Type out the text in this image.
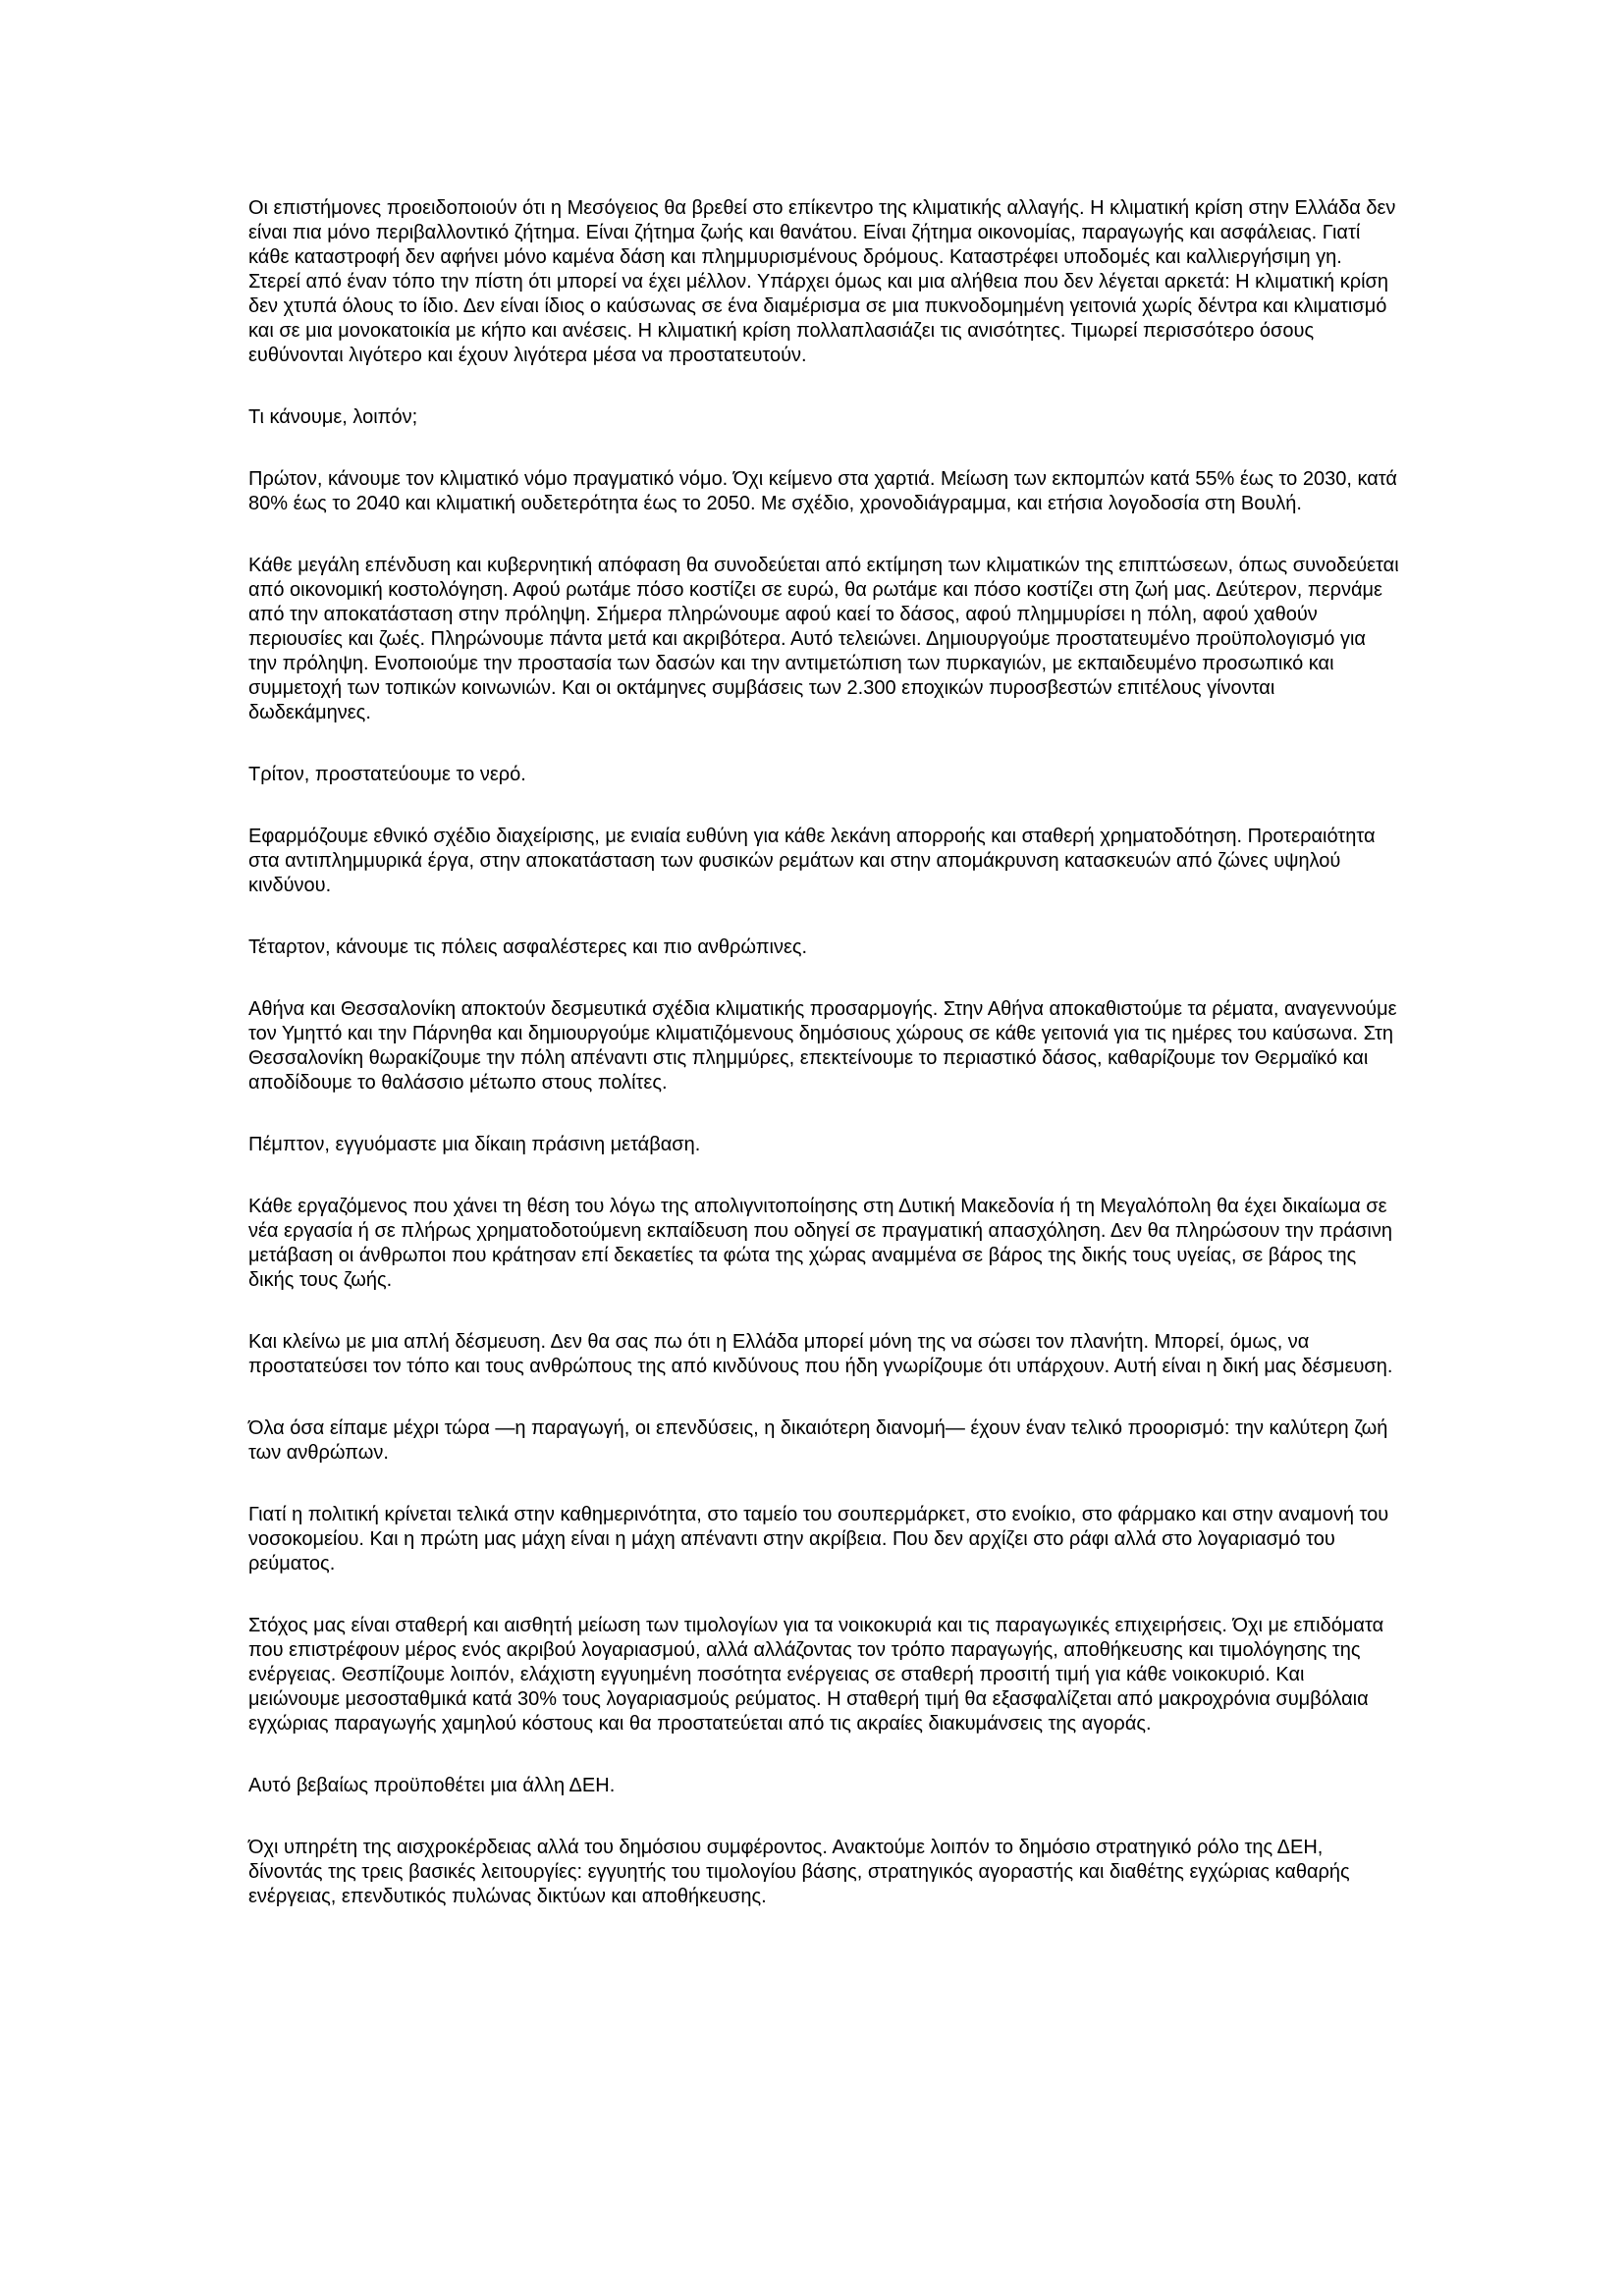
Οι επιστήμονες προειδοποιούν ότι η Μεσόγειος θα βρεθεί στο επίκεντρο της κλιματικής αλλαγής. Η κλιματική κρίση στην Ελλάδα δεν είναι πια μόνο περιβαλλοντικό ζήτημα. Είναι ζήτημα ζωής και θανάτου. Είναι ζήτημα οικονομίας, παραγωγής και ασφάλειας. Γιατί κάθε καταστροφή δεν αφήνει μόνο καμένα δάση και πλημμυρισμένους δρόμους. Καταστρέφει υποδομές και καλλιεργήσιμη γη. Στερεί από έναν τόπο την πίστη ότι μπορεί να έχει μέλλον. Υπάρχει όμως και μια αλήθεια που δεν λέγεται αρκετά: Η κλιματική κρίση δεν χτυπά όλους το ίδιο. Δεν είναι ίδιος ο καύσωνας σε ένα διαμέρισμα σε μια πυκνοδομημένη γειτονιά χωρίς δέντρα και κλιματισμό και σε μια μονοκατοικία με κήπο και ανέσεις. Η κλιματική κρίση πολλαπλασιάζει τις ανισότητες. Τιμωρεί περισσότερο όσους ευθύνονται λιγότερο και έχουν λιγότερα μέσα να προστατευτούν.

Τι κάνουμε, λοιπόν;

Πρώτον, κάνουμε τον κλιματικό νόμο πραγματικό νόμο. Όχι κείμενο στα χαρτιά. Μείωση των εκπομπών κατά 55% έως το 2030, κατά 80% έως το 2040 και κλιματική ουδετερότητα έως το 2050. Με σχέδιο, χρονοδιάγραμμα, και ετήσια λογοδοσία στη Βουλή.

Κάθε μεγάλη επένδυση και κυβερνητική απόφαση θα συνοδεύεται από εκτίμηση των κλιματικών της επιπτώσεων, όπως συνοδεύεται από οικονομική κοστολόγηση. Αφού ρωτάμε πόσο κοστίζει σε ευρώ, θα ρωτάμε και πόσο κοστίζει στη ζωή μας. Δεύτερον, περνάμε από την αποκατάσταση στην πρόληψη. Σήμερα πληρώνουμε αφού καεί το δάσος, αφού πλημμυρίσει η πόλη, αφού χαθούν περιουσίες και ζωές. Πληρώνουμε πάντα μετά και ακριβότερα. Αυτό τελειώνει. Δημιουργούμε προστατευμένο προϋπολογισμό για την πρόληψη. Ενοποιούμε την προστασία των δασών και την αντιμετώπιση των πυρκαγιών, με εκπαιδευμένο προσωπικό και συμμετοχή των τοπικών κοινωνιών. Και οι οκτάμηνες συμβάσεις των 2.300 εποχικών πυροσβεστών επιτέλους γίνονται δωδεκάμηνες.

Τρίτον, προστατεύουμε το νερό.

Εφαρμόζουμε εθνικό σχέδιο διαχείρισης, με ενιαία ευθύνη για κάθε λεκάνη απορροής και σταθερή χρηματοδότηση. Προτεραιότητα στα αντιπλημμυρικά έργα, στην αποκατάσταση των φυσικών ρεμάτων και στην απομάκρυνση κατασκευών από ζώνες υψηλού κινδύνου.

Τέταρτον, κάνουμε τις πόλεις ασφαλέστερες και πιο ανθρώπινες.

Αθήνα και Θεσσαλονίκη αποκτούν δεσμευτικά σχέδια κλιματικής προσαρμογής. Στην Αθήνα αποκαθιστούμε τα ρέματα, αναγεννούμε τον Υμηττό και την Πάρνηθα και δημιουργούμε κλιματιζόμενους δημόσιους χώρους σε κάθε γειτονιά για τις ημέρες του καύσωνα. Στη Θεσσαλονίκη θωρακίζουμε την πόλη απέναντι στις πλημμύρες, επεκτείνουμε το περιαστικό δάσος, καθαρίζουμε τον Θερμαϊκό και αποδίδουμε το θαλάσσιο μέτωπο στους πολίτες.

Πέμπτον, εγγυόμαστε μια δίκαιη πράσινη μετάβαση.

Κάθε εργαζόμενος που χάνει τη θέση του λόγω της απολιγνιτοποίησης στη Δυτική Μακεδονία ή τη Μεγαλόπολη θα έχει δικαίωμα σε νέα εργασία ή σε πλήρως χρηματοδοτούμενη εκπαίδευση που οδηγεί σε πραγματική απασχόληση. Δεν θα πληρώσουν την πράσινη μετάβαση οι άνθρωποι που κράτησαν επί δεκαετίες τα φώτα της χώρας αναμμένα σε βάρος της δικής τους υγείας, σε βάρος της δικής τους ζωής.

Και κλείνω με μια απλή δέσμευση. Δεν θα σας πω ότι η Ελλάδα μπορεί μόνη της να σώσει τον πλανήτη. Μπορεί, όμως, να προστατεύσει τον τόπο και τους ανθρώπους της από κινδύνους που ήδη γνωρίζουμε ότι υπάρχουν. Αυτή είναι η δική μας δέσμευση.

Όλα όσα είπαμε μέχρι τώρα —η παραγωγή, οι επενδύσεις, η δικαιότερη διανομή— έχουν έναν τελικό προορισμό: την καλύτερη ζωή των ανθρώπων.

Γιατί η πολιτική κρίνεται τελικά στην καθημερινότητα, στο ταμείο του σουπερμάρκετ, στο ενοίκιο, στο φάρμακο και στην αναμονή του νοσοκομείου. Και η πρώτη μας μάχη είναι η μάχη απέναντι στην ακρίβεια. Που δεν αρχίζει στο ράφι αλλά στο λογαριασμό του ρεύματος.

Στόχος μας είναι σταθερή και αισθητή μείωση των τιμολογίων για τα νοικοκυριά και τις παραγωγικές επιχειρήσεις. Όχι με επιδόματα που επιστρέφουν μέρος ενός ακριβού λογαριασμού, αλλά αλλάζοντας τον τρόπο παραγωγής, αποθήκευσης και τιμολόγησης της ενέργειας. Θεσπίζουμε λοιπόν, ελάχιστη εγγυημένη ποσότητα ενέργειας σε σταθερή προσιτή τιμή για κάθε νοικοκυριό. Και μειώνουμε μεσοσταθμικά κατά 30% τους λογαριασμούς ρεύματος. Η σταθερή τιμή θα εξασφαλίζεται από μακροχρόνια συμβόλαια εγχώριας παραγωγής χαμηλού κόστους και θα προστατεύεται από τις ακραίες διακυμάνσεις της αγοράς.

Αυτό βεβαίως προϋποθέτει μια άλλη ΔΕΗ.

Όχι υπηρέτη της αισχροκέρδειας αλλά του δημόσιου συμφέροντος. Ανακτούμε λοιπόν το δημόσιο στρατηγικό ρόλο της ΔΕΗ, δίνοντάς της τρεις βασικές λειτουργίες: εγγυητής του τιμολογίου βάσης, στρατηγικός αγοραστής και διαθέτης εγχώριας καθαρής ενέργειας, επενδυτικός πυλώνας δικτύων και αποθήκευσης.
